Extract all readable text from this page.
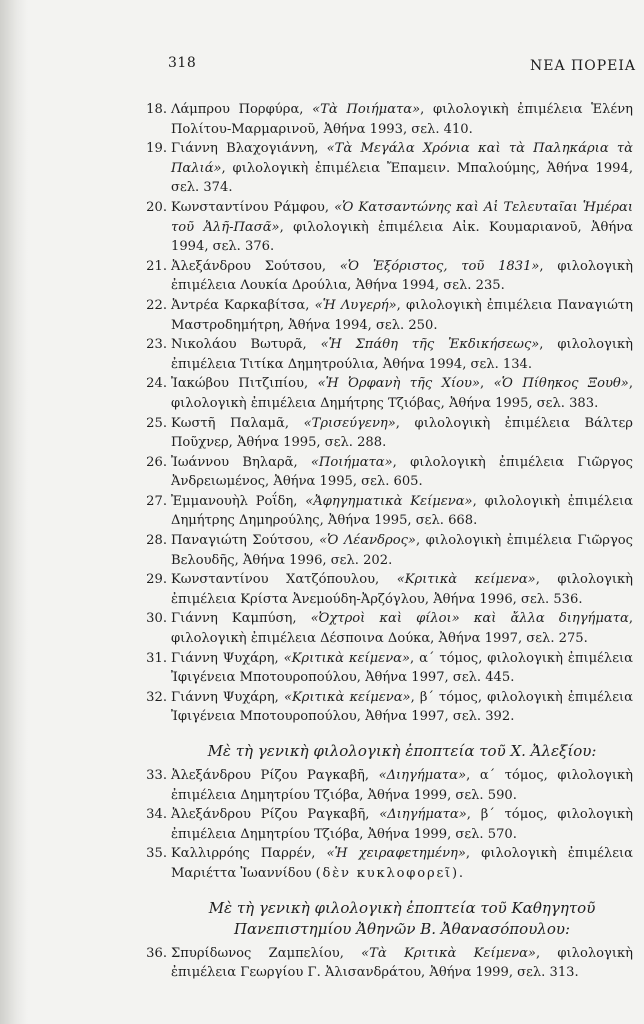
318	ΝΕΑ ΠΟΡΕΙΑ
18. Λάμπρου Πορφύρα, «Τὰ Ποιήματα», φιλολογικὴ ἐπιμέλεια Ἑλένη Πολίτου-Μαρμαρινοῦ, Ἀθήνα 1993, σελ. 410.
19. Γιάννη Βλαχογιάννη, «Τὰ Μεγάλα Χρόνια καὶ τὰ Παληκάρια τὰ Παλιά», φιλολογικὴ ἐπιμέλεια Ἔπαμειν. Μπαλούμης, Ἀθήνα 1994, σελ. 374.
20. Κωνσταντίνου Ράμφου, «Ὁ Κατσαντώνης καὶ Αἱ Τελευταῖαι Ἡμέραι τοῦ Ἀλῆ-Πασᾶ», φιλολογικὴ ἐπιμέλεια Αἰκ. Κουμαριανοῦ, Ἀθήνα 1994, σελ. 376.
21. Ἀλεξάνδρου Σούτσου, «Ὁ Ἐξόριστος, τοῦ 1831», φιλολογικὴ ἐπιμέλεια Λουκία Δρούλια, Ἀθήνα 1994, σελ. 235.
22. Ἀντρέα Καρκαβίτσα, «Ἡ Λυγερή», φιλολογικὴ ἐπιμέλεια Παναγιώτη Μαστροδημήτρη, Ἀθήνα 1994, σελ. 250.
23. Νικολάου Βωτυρᾶ, «Ἡ Σπάθη τῆς Ἐκδικήσεως», φιλολογικὴ ἐπιμέλεια Τιτίκα Δημητρούλια, Ἀθήνα 1994, σελ. 134.
24. Ἰακώβου Πιτζιπίου, «Ἡ Ὀρφανὴ τῆς Χίου», «Ὁ Πίθηκος Ξουθ», φιλολογικὴ ἐπιμέλεια Δημήτρης Τζιόβας, Ἀθήνα 1995, σελ. 383.
25. Κωστῆ Παλαμᾶ, «Τρισεύγενη», φιλολογικὴ ἐπιμέλεια Βάλτερ Ποῦχνερ, Ἀθήνα 1995, σελ. 288.
26. Ἰωάννου Βηλαρᾶ, «Ποιήματα», φιλολογικὴ ἐπιμέλεια Γιῶργος Ἀνδρειωμένος, Ἀθήνα 1995, σελ. 605.
27. Ἐμμανουὴλ Ροΐδη, «Ἀφηγηματικὰ Κείμενα», φιλολογικὴ ἐπιμέλεια Δημήτρης Δημηρούλης, Ἀθήνα 1995, σελ. 668.
28. Παναγιώτη Σούτσου, «Ὁ Λέανδρος», φιλολογικὴ ἐπιμέλεια Γιῶργος Βελουδῆς, Ἀθήνα 1996, σελ. 202.
29. Κωνσταντίνου Χατζόπουλου, «Κριτικὰ κείμενα», φιλολογικὴ ἐπιμέλεια Κρίστα Ἀνεμούδη-Ἀρζόγλου, Ἀθήνα 1996, σελ. 536.
30. Γιάννη Καμπύση, «Ὀχτροὶ καὶ φίλοι» καὶ ἄλλα διηγήματα, φιλολογικὴ ἐπιμέλεια Δέσποινα Δούκα, Ἀθήνα 1997, σελ. 275.
31. Γιάννη Ψυχάρη, «Κριτικὰ κείμενα», α΄ τόμος, φιλολογικὴ ἐπιμέλεια Ἰφιγένεια Μποτουροπούλου, Ἀθήνα 1997, σελ. 445.
32. Γιάννη Ψυχάρη, «Κριτικὰ κείμενα», β΄ τόμος, φιλολογικὴ ἐπιμέλεια Ἰφιγένεια Μποτουροπούλου, Ἀθήνα 1997, σελ. 392.
Μὲ τὴ γενικὴ φιλολογικὴ ἐποπτεία τοῦ Χ. Ἀλεξίου:
33. Ἀλεξάνδρου Ρίζου Ραγκαβῆ, «Διηγήματα», α΄ τόμος, φιλολογικὴ ἐπιμέλεια Δημητρίου Τζιόβα, Ἀθήνα 1999, σελ. 590.
34. Ἀλεξάνδρου Ρίζου Ραγκαβῆ, «Διηγήματα», β΄ τόμος, φιλολογικὴ ἐπιμέλεια Δημητρίου Τζιόβα, Ἀθήνα 1999, σελ. 570.
35. Καλλιρρόης Παρρέν, «Ἡ χειραφετημένη», φιλολογικὴ ἐπιμέλεια Μαριέττα Ἰωαννίδου (δὲν κυκλοφορεῖ).
Μὲ τὴ γενικὴ φιλολογικὴ ἐποπτεία τοῦ Καθηγητοῦ Πανεπιστημίου Ἀθηνῶν Β. Ἀθανασόπουλου:
36. Σπυρίδωνος Ζαμπελίου, «Τὰ Κριτικὰ Κείμενα», φιλολογικὴ ἐπιμέλεια Γεωργίου Γ. Ἀλισανδράτου, Ἀθήνα 1999, σελ. 313.
